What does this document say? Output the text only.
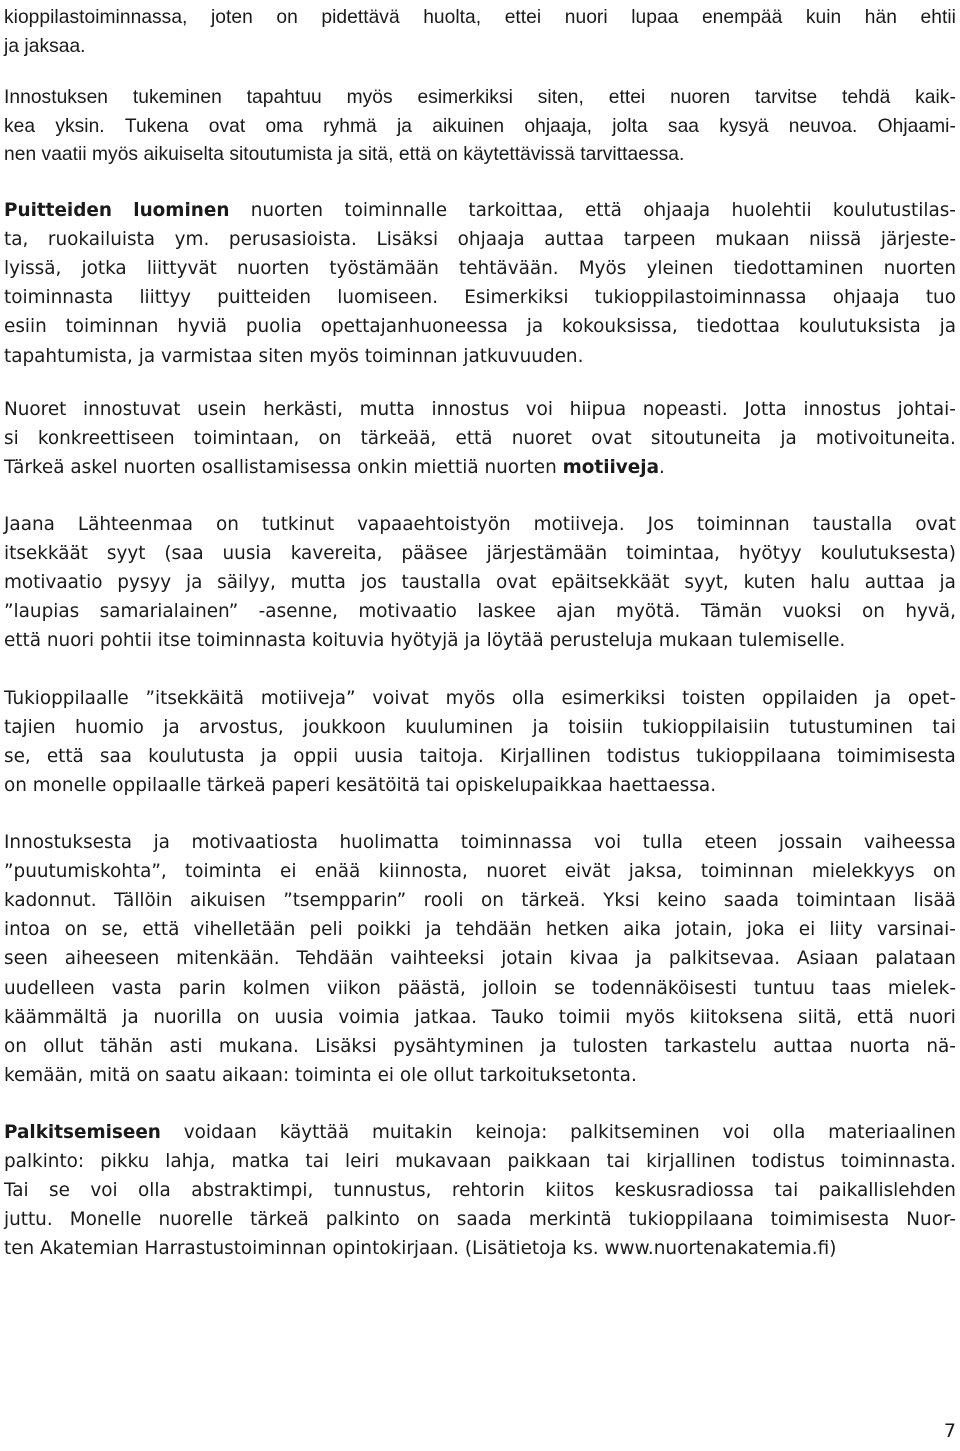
kioppilastoiminnassa, joten on pidettävä huolta, ettei nuori lupaa enempää kuin hän ehtii
ja jaksaa.
Innostuksen tukeminen tapahtuu myös esimerkiksi siten, ettei nuoren tarvitse tehdä kaik-
kea yksin. Tukena ovat oma ryhmä ja aikuinen ohjaaja, jolta saa kysyä neuvoa. Ohjaami-
nen vaatii myös aikuiselta sitoutumista ja sitä, että on käytettävissä tarvittaessa.
Puitteiden luominen nuorten toiminnalle tarkoittaa, että ohjaaja huolehtii koulutustilas-
ta, ruokailuista ym. perusasioista. Lisäksi ohjaaja auttaa tarpeen mukaan niissä järjeste-
lyissä, jotka liittyvät nuorten työstämään tehtävään. Myös yleinen tiedottaminen nuorten
toiminnasta liittyy puitteiden luomiseen. Esimerkiksi tukioppilastoiminnassa ohjaaja tuo
esiin toiminnan hyviä puolia opettajanhuoneessa ja kokouksissa, tiedottaa koulutuksista ja
tapahtumista, ja varmistaa siten myös toiminnan jatkuvuuden.
Nuoret innostuvat usein herkästi, mutta innostus voi hiipua nopeasti. Jotta innostus johtai-
si konkreettiseen toimintaan, on tärkeää, että nuoret ovat sitoutuneita ja motivoituneita.
Tärkeä askel nuorten osallistamisessa onkin miettiä nuorten motiiveja.
Jaana Lähteenmaa on tutkinut vapaaehtoistyön motiiveja. Jos toiminnan taustalla ovat
itsekkäät syyt (saa uusia kavereita, pääsee järjestämään toimintaa, hyötyy koulutuksesta)
motivaatio pysyy ja säilyy, mutta jos taustalla ovat epäitsekkäät syyt, kuten halu auttaa ja
”laupias samarialainen” -asenne, motivaatio laskee ajan myötä. Tämän vuoksi on hyvä,
että nuori pohtii itse toiminnasta koituvia hyötyjä ja löytää perusteluja mukaan tulemiselle.
Tukioppilaalle ”itsekkäitä motiiveja” voivat myös olla esimerkiksi toisten oppilaiden ja opet-
tajien huomio ja arvostus, joukkoon kuuluminen ja toisiin tukioppilaisiin tutustuminen tai
se, että saa koulutusta ja oppii uusia taitoja. Kirjallinen todistus tukioppilaana toimimisesta
on monelle oppilaalle tärkeä paperi kesätöitä tai opiskelupaikkaa haettaessa.
Innostuksesta ja motivaatiosta huolimatta toiminnassa voi tulla eteen jossain vaiheessa
”puutumiskohta”, toiminta ei enää kiinnosta, nuoret eivät jaksa, toiminnan mielekkyys on
kadonnut. Tällöin aikuisen ”tsempparin” rooli on tärkeä. Yksi keino saada toimintaan lisää
intoa on se, että vihelletään peli poikki ja tehdään hetken aika jotain, joka ei liity varsinai-
seen aiheeseen mitenkään. Tehdään vaihteeksi jotain kivaa ja palkitsevaa. Asiaan palataan
uudelleen vasta parin kolmen viikon päästä, jolloin se todennäköisesti tuntuu taas mielek-
käämmältä ja nuorilla on uusia voimia jatkaa. Tauko toimii myös kiitoksena siitä, että nuori
on ollut tähän asti mukana. Lisäksi pysähtyminen ja tulosten tarkastelu auttaa nuorta nä-
kemään, mitä on saatu aikaan: toiminta ei ole ollut tarkoituksetonta.
Palkitsemiseen voidaan käyttää muitakin keinoja: palkitseminen voi olla materiaalinen
palkinto: pikku lahja, matka tai leiri mukavaan paikkaan tai kirjallinen todistus toiminnasta.
Tai se voi olla abstraktimpi, tunnustus, rehtorin kiitos keskusradiossa tai paikallislehden
juttu. Monelle nuorelle tärkeä palkinto on saada merkintä tukioppilaana toimimisesta Nuor-
ten Akatemian Harrastustoiminnan opintokirjaan. (Lisätietoja ks. www.nuortenakatemia.fi)
7
